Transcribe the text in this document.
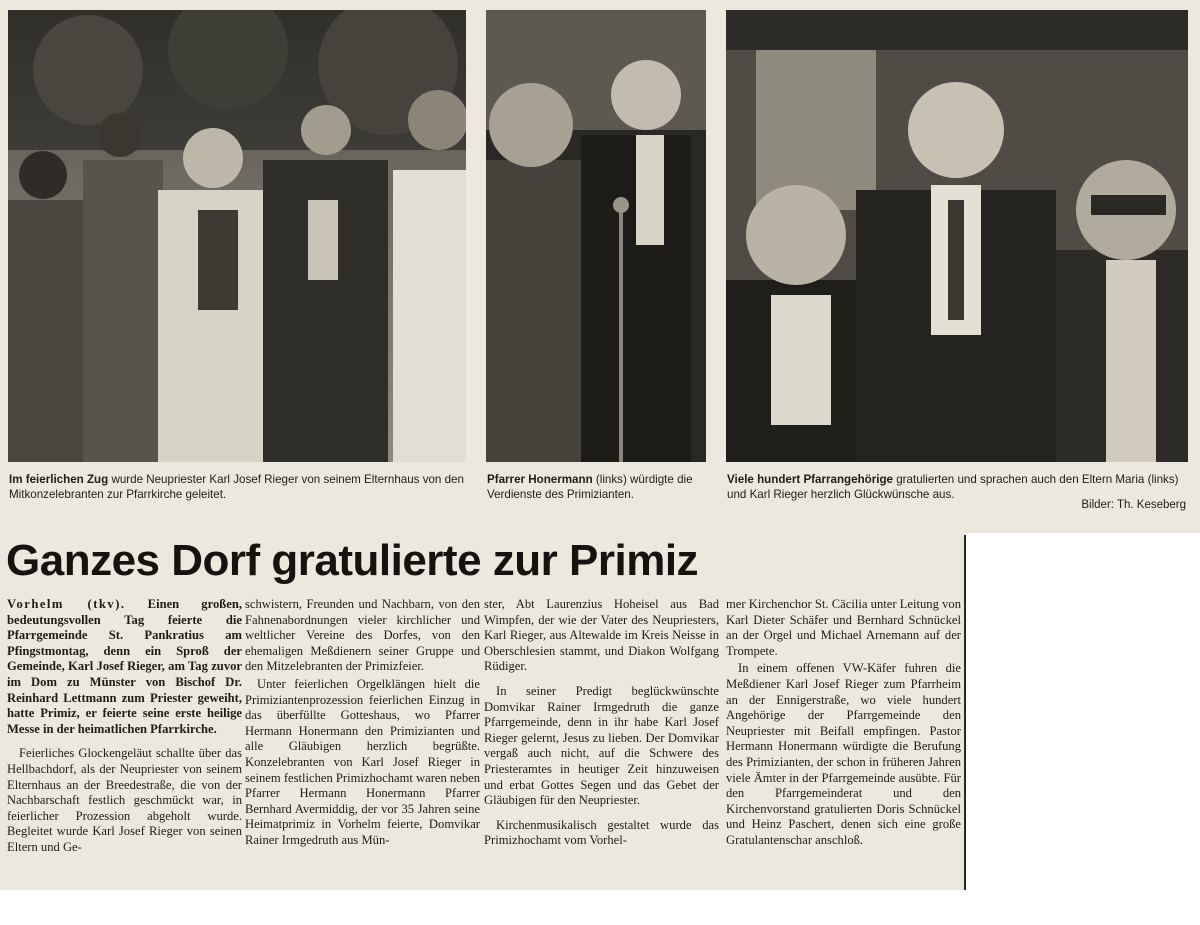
Im feierlichen Zug wurde Neupriester Karl Josef Rieger von seinem Elternhaus von den Mitkonzelebranten zur Pfarrkirche geleitet.
Pfarrer Honermann (links) würdigte die Verdienste des Primizianten.
Viele hundert Pfarrangehörige gratulierten und sprachen auch den Eltern Maria (links) und Karl Rieger herzlich Glückwünsche aus.
Bilder: Th. Keseberg
Ganzes Dorf gratulierte zur Primiz

Vorhelm (tkv). Einen großen, bedeutungsvollen Tag feierte die Pfarrgemeinde St. Pankratius am Pfingstmontag, denn ein Sproß der Gemeinde, Karl Josef Rieger, am Tag zuvor im Dom zu Münster von Bischof Dr. Reinhard Lettmann zum Priester geweiht, hatte Primiz, er feierte seine erste heilige Messe in der heimatlichen Pfarrkirche.

Feierliches Glockengeläut schallte über das Hellbachdorf, als der Neupriester von seinem Elternhaus an der Breedestraße, die von der Nachbarschaft festlich geschmückt war, in feierlicher Prozession abgeholt wurde. Begleitet wurde Karl Josef Rieger von seinen Eltern und Ge-

schwistern, Freunden und Nachbarn, von den Fahnenabordnungen vieler kirchlicher und weltlicher Vereine des Dorfes, von den ehemaligen Meßdienern seiner Gruppe und den Mitzelebranten der Primizfeier.

Unter feierlichen Orgelklängen hielt die Primiziantenprozession feierlichen Einzug in das überfüllte Gotteshaus, wo Pfarrer Hermann Honermann den Primizianten und alle Gläubigen herzlich begrüßte. Konzelebranten von Karl Josef Rieger in seinem festlichen Primizhochamt waren neben Pfarrer Hermann Honermann Pfarrer Bernhard Avermiddig, der vor 35 Jahren seine Heimatprimiz in Vorhelm feierte, Domvikar Rainer Irmgedruth aus Mün-

ster, Abt Laurenzius Hoheisel aus Bad Wimpfen, der wie der Vater des Neupriesters, Karl Rieger, aus Altewalde im Kreis Neisse in Oberschlesien stammt, und Diakon Wolfgang Rüdiger.

In seiner Predigt beglückwünschte Domvikar Rainer Irmgedruth die ganze Pfarrgemeinde, denn in ihr habe Karl Josef Rieger gelernt, Jesus zu lieben. Der Domvikar vergaß auch nicht, auf die Schwere des Priesteramtes in heutiger Zeit hinzuweisen und erbat Gottes Segen und das Gebet der Gläubigen für den Neupriester.

Kirchenmusikalisch gestaltet wurde das Primizhochamt vom Vorhel-

mer Kirchenchor St. Cäcilia unter Leitung von Karl Dieter Schäfer und Bernhard Schnückel an der Orgel und Michael Arnemann auf der Trompete.

In einem offenen VW-Käfer fuhren die Meßdiener Karl Josef Rieger zum Pfarrheim an der Ennigerstraße, wo viele hundert Angehörige der Pfarrgemeinde den Neupriester mit Beifall empfingen. Pastor Hermann Honermann würdigte die Berufung des Primizianten, der schon in früheren Jahren viele Ämter in der Pfarrgemeinde ausübte. Für den Pfarrgemeinderat und den Kirchenvorstand gratulierten Doris Schnückel und Heinz Paschert, denen sich eine große Gratulantenschar anschloß.
